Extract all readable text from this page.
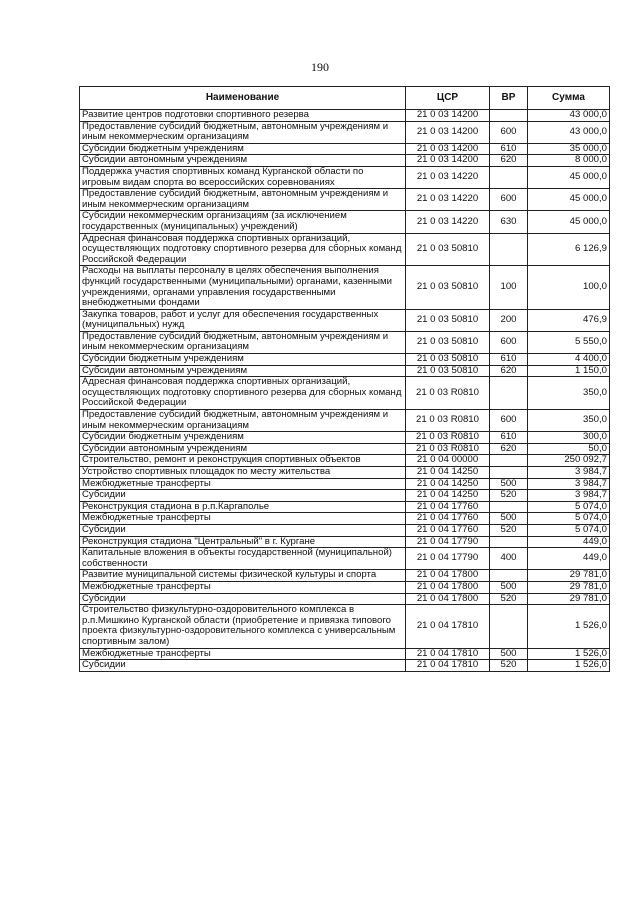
190
Наименование	ЦСР	ВР	Сумма
Развитие центров подготовки спортивного резерва	21 0 03 14200		43 000,0
Предоставление субсидий бюджетным, автономным учреждениям и иным некоммерческим организациям	21 0 03 14200	600	43 000,0
Субсидии бюджетным учреждениям	21 0 03 14200	610	35 000,0
Субсидии автономным учреждениям	21 0 03 14200	620	8 000,0
Поддержка участия спортивных команд Курганской области по игровым видам спорта во всероссийских соревнованиях	21 0 03 14220		45 000,0
Предоставление субсидий бюджетным, автономным учреждениям и иным некоммерческим организациям	21 0 03 14220	600	45 000,0
Субсидии некоммерческим организациям (за исключением государственных (муниципальных) учреждений)	21 0 03 14220	630	45 000,0
Адресная финансовая поддержка спортивных организаций, осуществляющих подготовку спортивного резерва для сборных команд Российской Федерации	21 0 03 50810		6 126,9
Расходы на выплаты персоналу в целях обеспечения выполнения функций государственными (муниципальными) органами, казенными учреждениями, органами управления государственными внебюджетными фондами	21 0 03 50810	100	100,0
Закупка товаров, работ и услуг для обеспечения государственных (муниципальных) нужд	21 0 03 50810	200	476,9
Предоставление субсидий бюджетным, автономным учреждениям и иным некоммерческим организациям	21 0 03 50810	600	5 550,0
Субсидии бюджетным учреждениям	21 0 03 50810	610	4 400,0
Субсидии автономным учреждениям	21 0 03 50810	620	1 150,0
Адресная финансовая поддержка спортивных организаций, осуществляющих подготовку спортивного резерва для сборных команд Российской Федерации	21 0 03 R0810		350,0
Предоставление субсидий бюджетным, автономным учреждениям и иным некоммерческим организациям	21 0 03 R0810	600	350,0
Субсидии бюджетным учреждениям	21 0 03 R0810	610	300,0
Субсидии автономным учреждениям	21 0 03 R0810	620	50,0
Строительство, ремонт и реконструкция спортивных объектов	21 0 04 00000		250 092,7
Устройство спортивных площадок по месту жительства	21 0 04 14250		3 984,7
Межбюджетные трансферты	21 0 04 14250	500	3 984,7
Субсидии	21 0 04 14250	520	3 984,7
Реконструкция стадиона в р.п.Каргаполье	21 0 04 17760		5 074,0
Межбюджетные трансферты	21 0 04 17760	500	5 074,0
Субсидии	21 0 04 17760	520	5 074,0
Реконструкция стадиона "Центральный" в г. Кургане	21 0 04 17790		449,0
Капитальные вложения в объекты государственной (муниципальной) собственности	21 0 04 17790	400	449,0
Развитие муниципальной системы физической культуры и спорта	21 0 04 17800		29 781,0
Межбюджетные трансферты	21 0 04 17800	500	29 781,0
Субсидии	21 0 04 17800	520	29 781,0
Строительство физкультурно-оздоровительного комплекса в р.п.Мишкино Курганской области (приобретение и привязка типового проекта физкультурно-оздоровительного комплекса с универсальным спортивным залом)	21 0 04 17810		1 526,0
Межбюджетные трансферты	21 0 04 17810	500	1 526,0
Субсидии	21 0 04 17810	520	1 526,0
